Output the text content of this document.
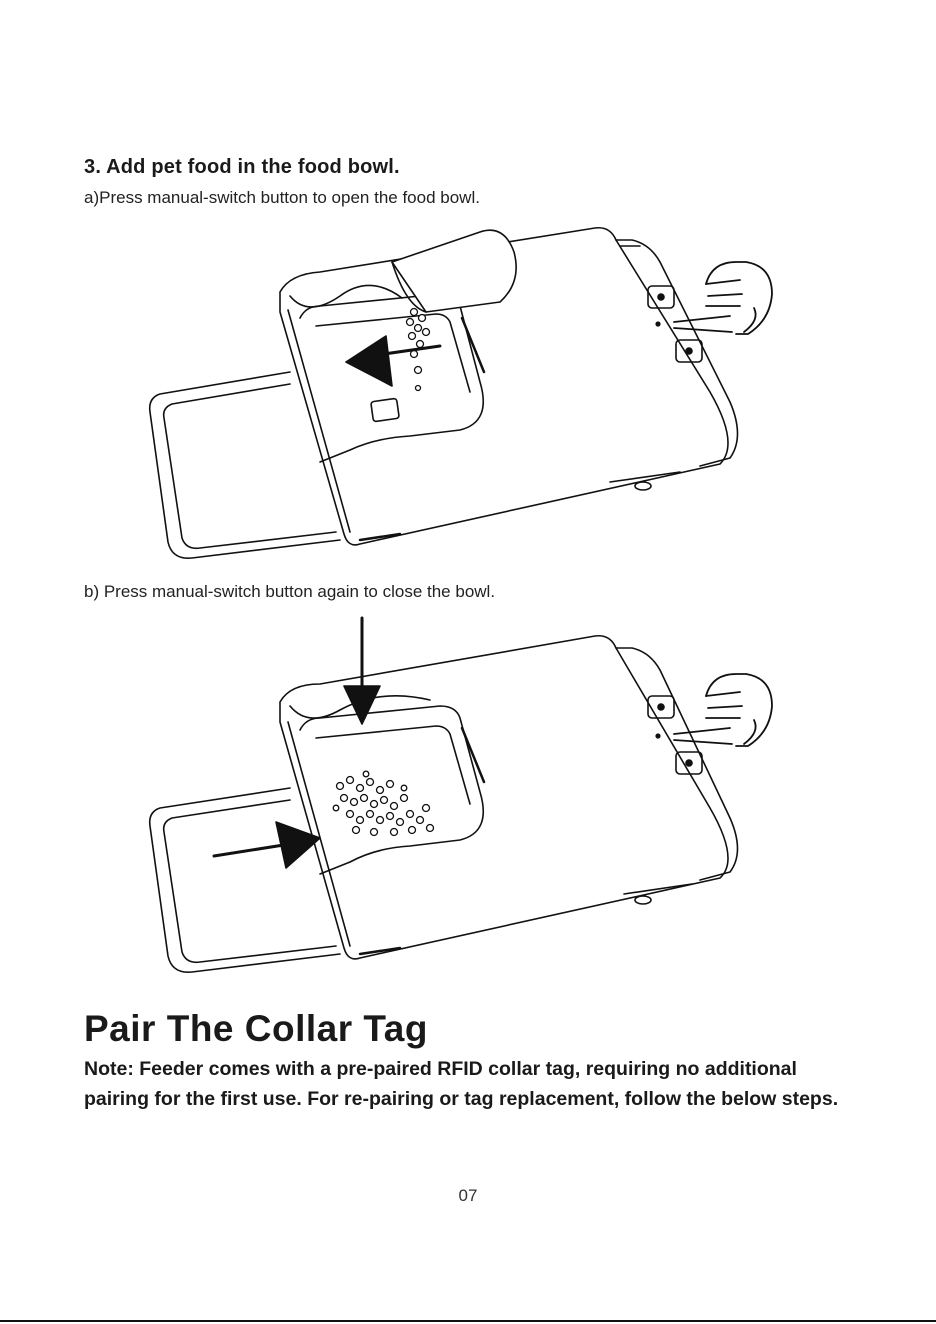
3. Add pet food in the food bowl.
a)Press manual-switch button to open the food bowl.
b) Press manual-switch button again to close the bowl.
Pair The Collar Tag
Note: Feeder comes with a pre-paired RFID collar tag, requiring no additional pairing for the first use. For re-pairing or tag replacement, follow the below steps.
07
